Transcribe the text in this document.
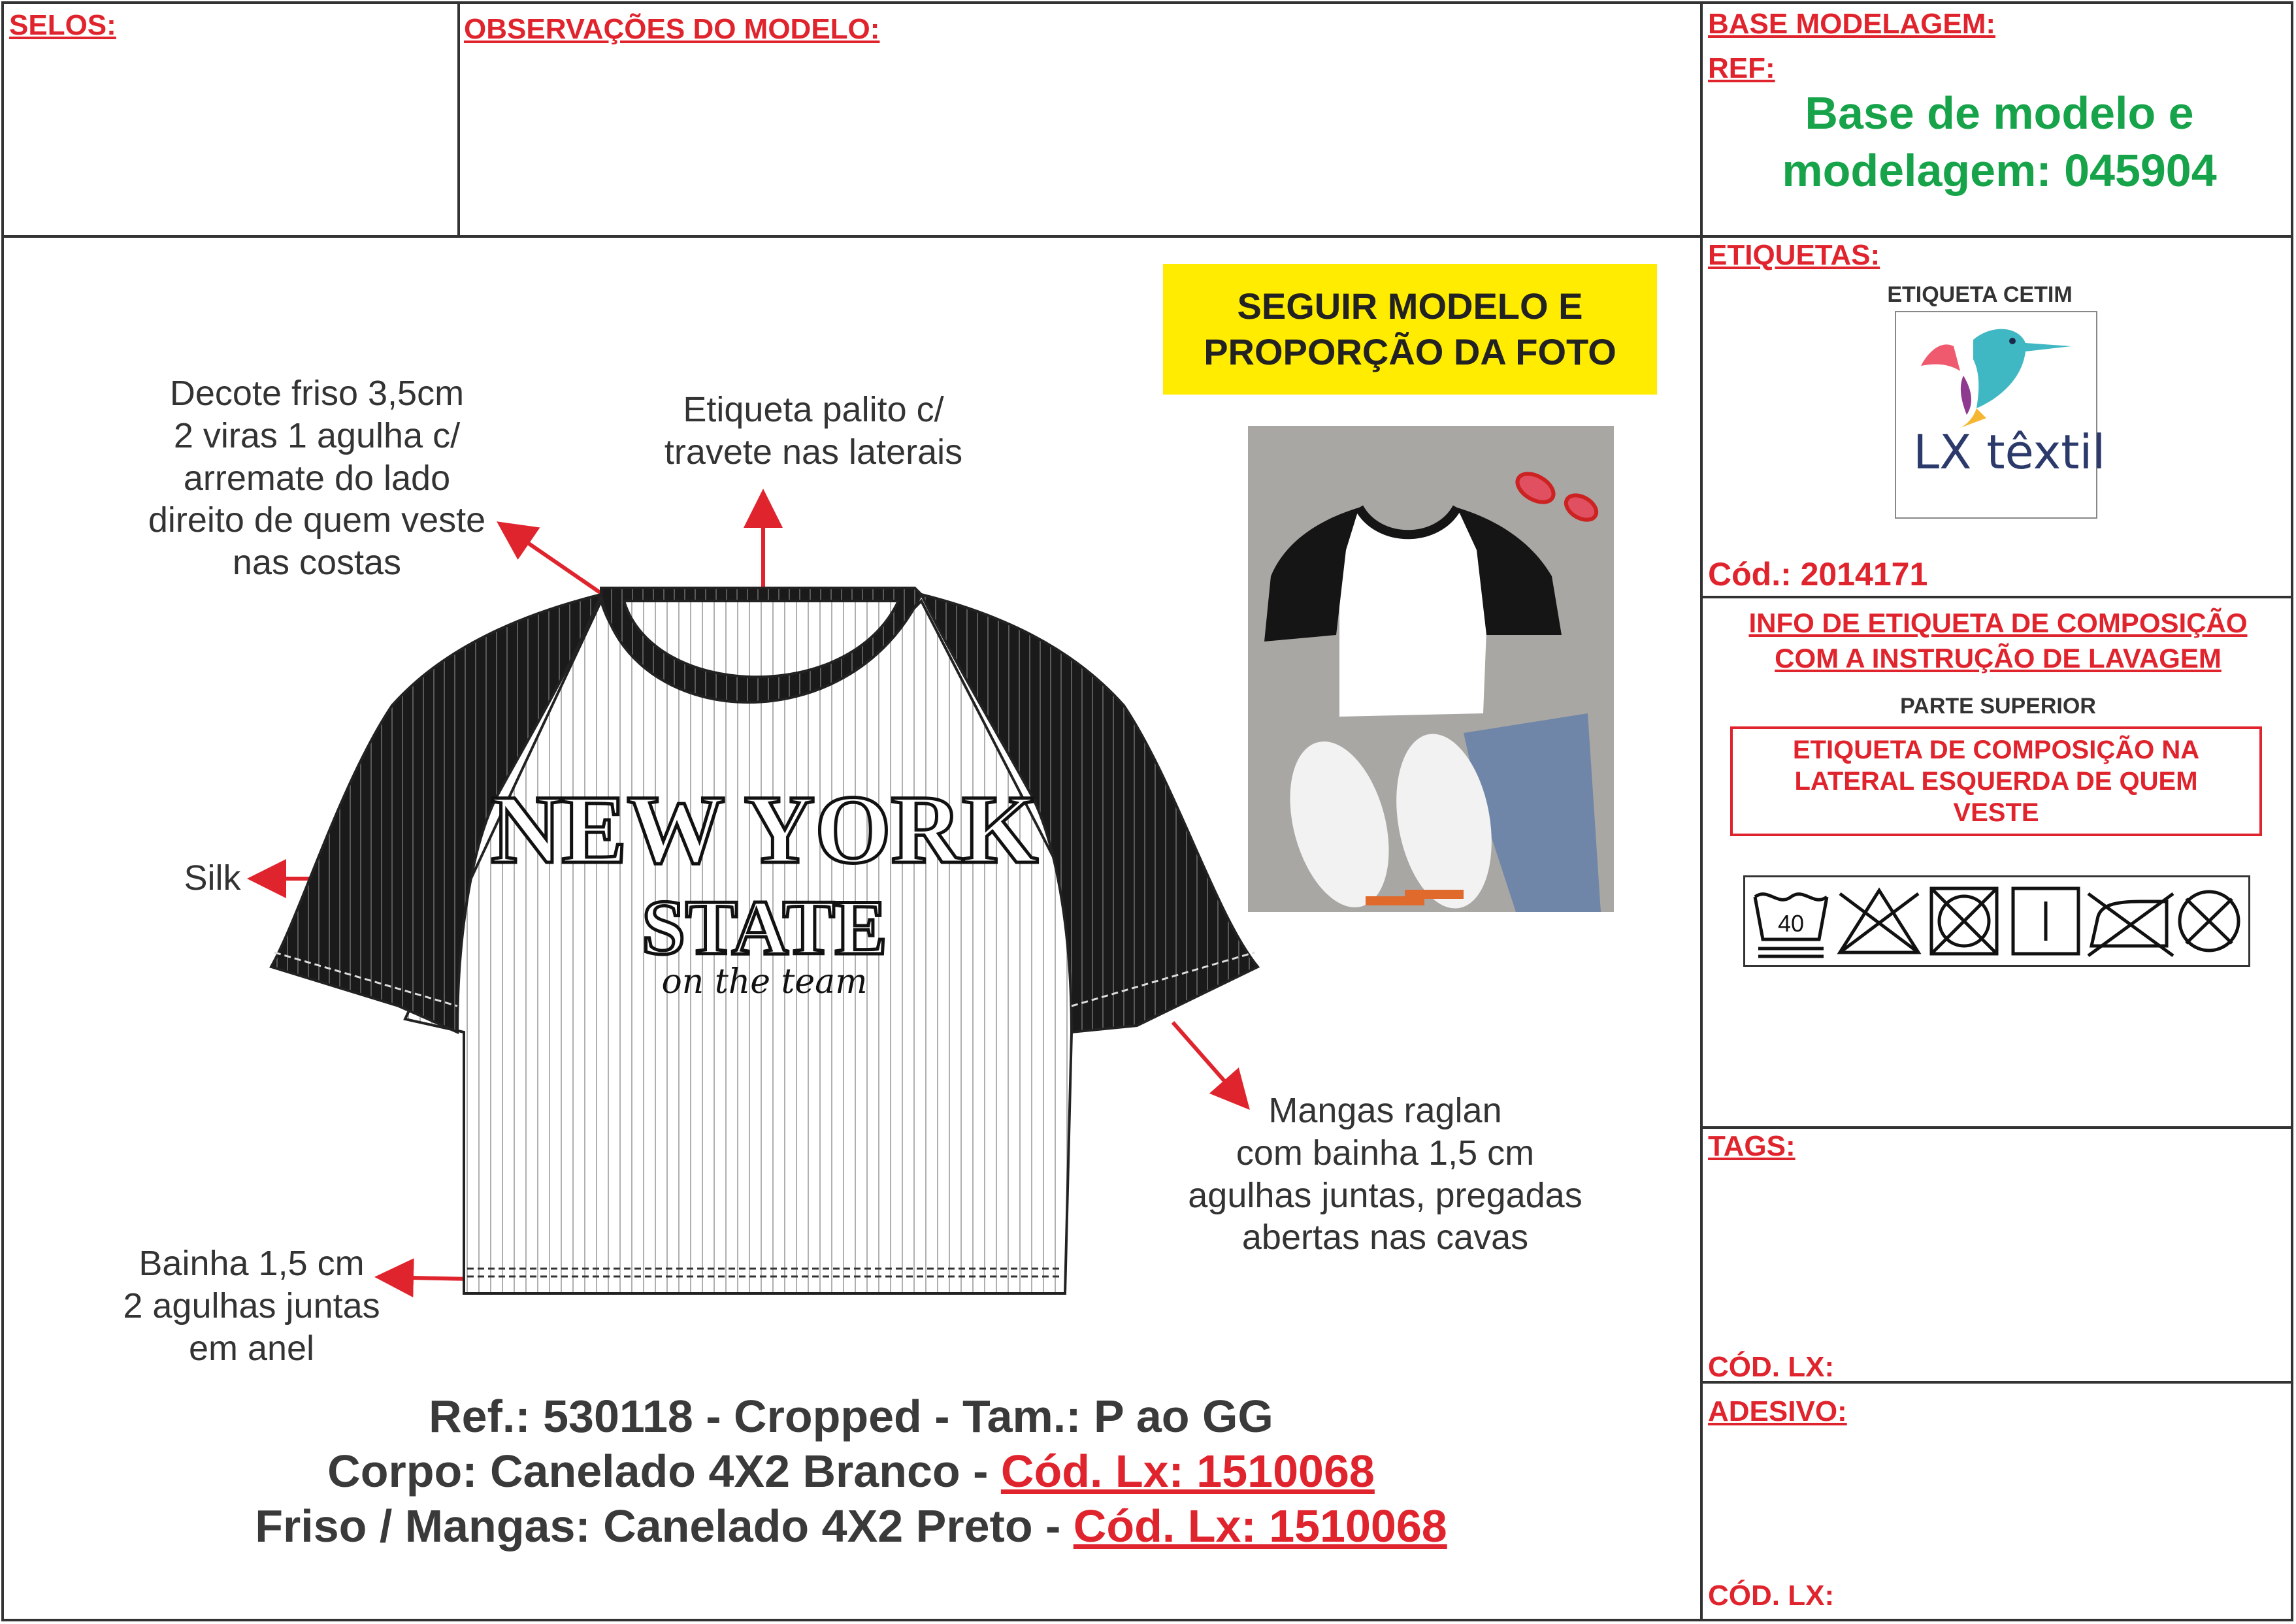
SELOS:	OBSERVAÇÕES DO MODELO:	BASE MODELAGEM:
REF:
Base de modelo e
modelagem: 045904
Decote friso 3,5cm
2 viras 1 agulha c/
arremate do lado
direito de quem veste
nas costas
Etiqueta palito c/
travete nas laterais
Silk
Mangas raglan
com bainha 1,5 cm
agulhas juntas, pregadas
abertas nas cavas
Bainha 1,5 cm
2 agulhas juntas
em anel
NEW YORK
STATE
on the team
SEGUIR MODELO E
PROPORÇÃO DA FOTO
Ref.: 530118 - Cropped - Tam.: P ao GG
Corpo: Canelado 4X2 Branco - Cód. Lx: 1510068
Friso / Mangas: Canelado 4X2 Preto - Cód. Lx: 1510068
ETIQUETAS:
ETIQUETA CETIM
LX têxtil
Cód.: 2014171
INFO DE ETIQUETA DE COMPOSIÇÃO
COM A INSTRUÇÃO DE LAVAGEM
PARTE SUPERIOR
ETIQUETA DE COMPOSIÇÃO NA
LATERAL ESQUERDA DE QUEM
VESTE
40
TAGS:
CÓD. LX:
ADESIVO:
CÓD. LX:
